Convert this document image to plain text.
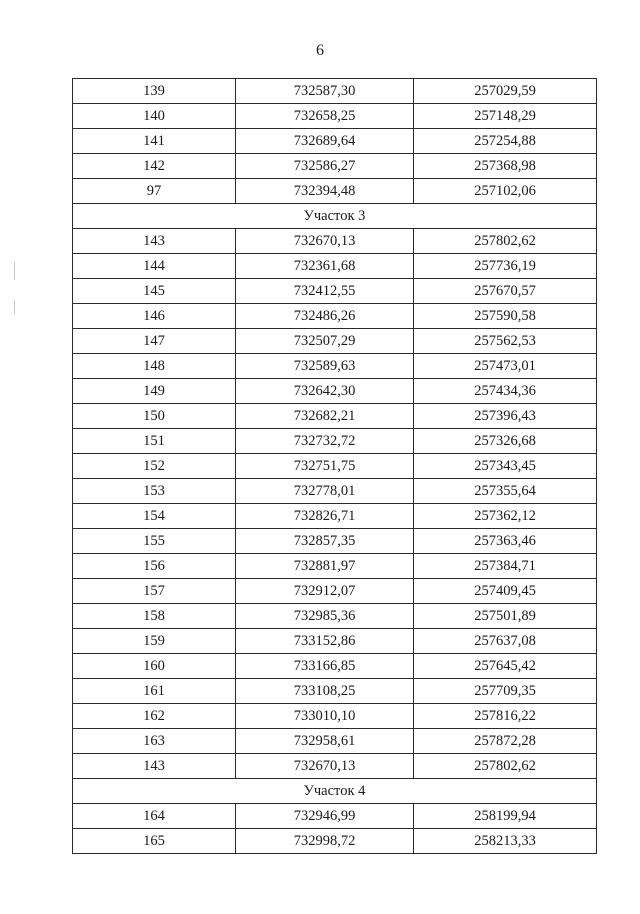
6
139	732587,30	257029,59
140	732658,25	257148,29
141	732689,64	257254,88
142	732586,27	257368,98
97	732394,48	257102,06
Участок 3		
143	732670,13	257802,62
144	732361,68	257736,19
145	732412,55	257670,57
146	732486,26	257590,58
147	732507,29	257562,53
148	732589,63	257473,01
149	732642,30	257434,36
150	732682,21	257396,43
151	732732,72	257326,68
152	732751,75	257343,45
153	732778,01	257355,64
154	732826,71	257362,12
155	732857,35	257363,46
156	732881,97	257384,71
157	732912,07	257409,45
158	732985,36	257501,89
159	733152,86	257637,08
160	733166,85	257645,42
161	733108,25	257709,35
162	733010,10	257816,22
163	732958,61	257872,28
143	732670,13	257802,62
Участок 4		
164	732946,99	258199,94
165	732998,72	258213,33
